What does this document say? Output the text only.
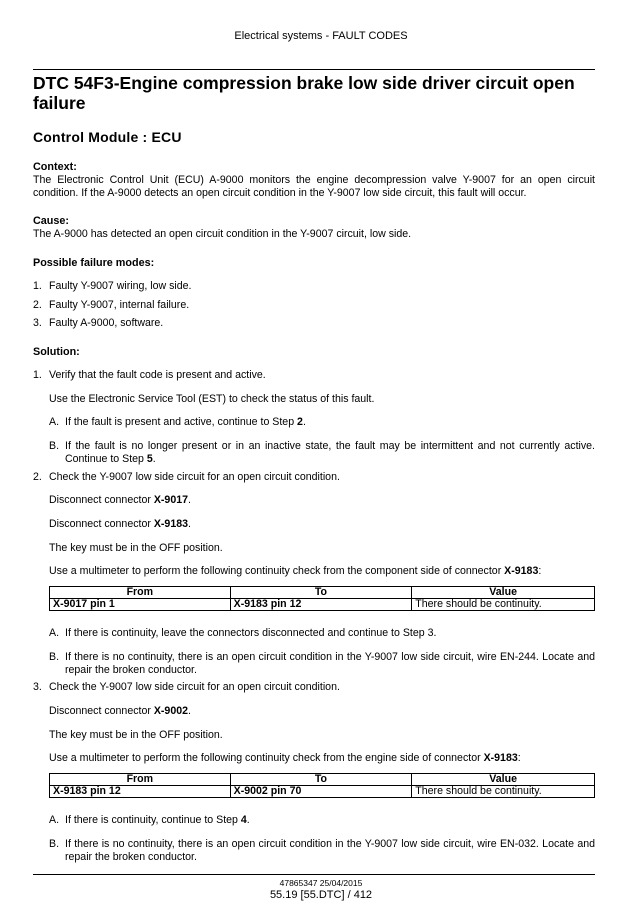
Electrical systems - FAULT CODES
DTC 54F3-Engine compression brake low side driver circuit open failure
Control Module : ECU
Context:
The Electronic Control Unit (ECU) A-9000 monitors the engine decompression valve Y-9007 for an open circuit condition. If the A-9000 detects an open circuit condition in the Y-9007 low side circuit, this fault will occur.
Cause:
The A-9000 has detected an open circuit condition in the Y-9007 circuit, low side.
Possible failure modes:
1. Faulty Y-9007 wiring, low side.
2. Faulty Y-9007, internal failure.
3. Faulty A-9000, software.
Solution:
1. Verify that the fault code is present and active.
Use the Electronic Service Tool (EST) to check the status of this fault.
A. If the fault is present and active, continue to Step 2.
B. If the fault is no longer present or in an inactive state, the fault may be intermittent and not currently active. Continue to Step 5.
2. Check the Y-9007 low side circuit for an open circuit condition.
Disconnect connector X-9017.
Disconnect connector X-9183.
The key must be in the OFF position.
Use a multimeter to perform the following continuity check from the component side of connector X-9183:
From	To	Value
X-9017 pin 1	X-9183 pin 12	There should be continuity.
A. If there is continuity, leave the connectors disconnected and continue to Step 3.
B. If there is no continuity, there is an open circuit condition in the Y-9007 low side circuit, wire EN-244. Locate and repair the broken conductor.
3. Check the Y-9007 low side circuit for an open circuit condition.
Disconnect connector X-9002.
The key must be in the OFF position.
Use a multimeter to perform the following continuity check from the engine side of connector X-9183:
From	To	Value
X-9183 pin 12	X-9002 pin 70	There should be continuity.
A. If there is continuity, continue to Step 4.
B. If there is no continuity, there is an open circuit condition in the Y-9007 low side circuit, wire EN-032. Locate and repair the broken conductor.
47865347 25/04/2015
55.19 [55.DTC] / 412
